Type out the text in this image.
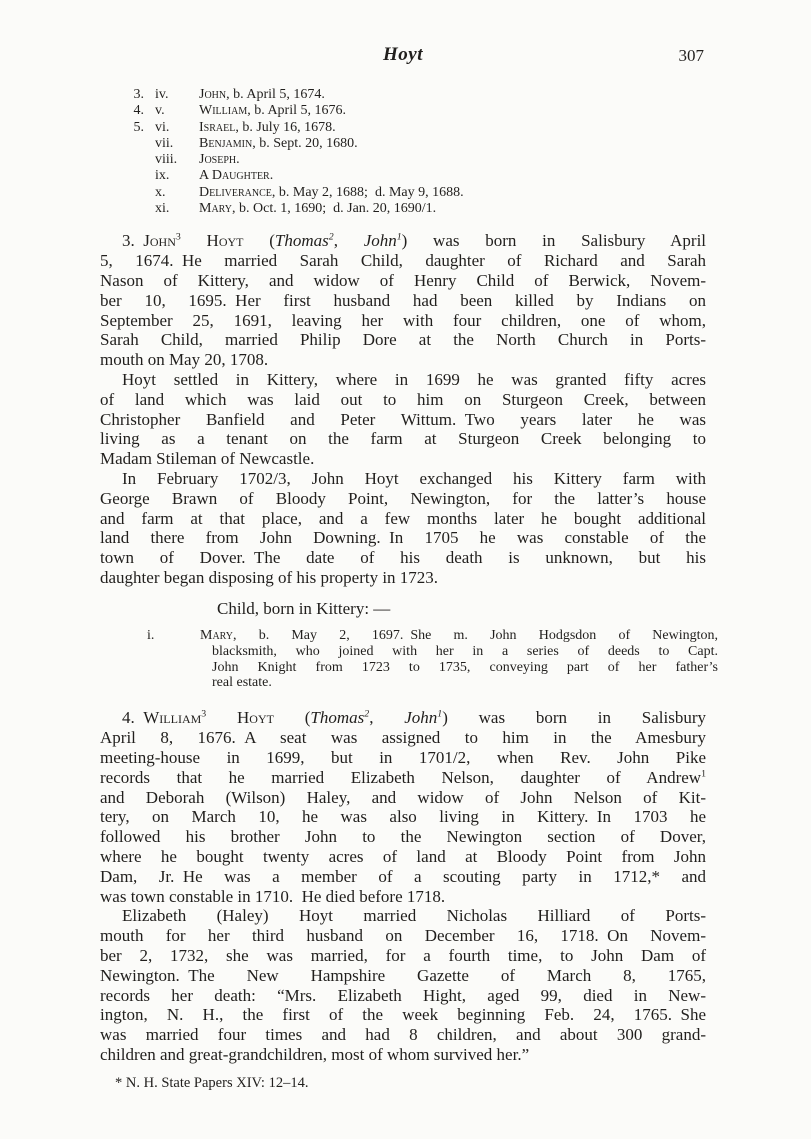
Hoyt	307
3. iv.	John, b. April 5, 1674.
4. v.	William, b. April 5, 1676.
5. vi.	Israel, b. July 16, 1678.
vii.	Benjamin, b. Sept. 20, 1680.
viii.	Joseph.
ix.	A Daughter.
x.	Deliverance, b. May 2, 1688; d. May 9, 1688.
xi.	Mary, b. Oct. 1, 1690; d. Jan. 20, 1690/1.
3. John$^3$ Hoyt (Thomas$^2$, John$^1$) was born in Salisbury April
5, 1674. He married Sarah Child, daughter of Richard and Sarah
Nason of Kittery, and widow of Henry Child of Berwick, Novem-
ber 10, 1695. Her first husband had been killed by Indians on
September 25, 1691, leaving her with four children, one of whom,
Sarah Child, married Philip Dore at the North Church in Ports-
mouth on May 20, 1708.
Hoyt settled in Kittery, where in 1699 he was granted fifty acres
of land which was laid out to him on Sturgeon Creek, between
Christopher Banfield and Peter Wittum. Two years later he was
living as a tenant on the farm at Sturgeon Creek belonging to
Madam Stileman of Newcastle.
In February 1702/3, John Hoyt exchanged his Kittery farm with
George Brawn of Bloody Point, Newington, for the latter’s house
and farm at that place, and a few months later he bought additional
land there from John Downing. In 1705 he was constable of the
town of Dover. The date of his death is unknown, but his
daughter began disposing of his property in 1723.
Child, born in Kittery: —
i.	Mary, b. May 2, 1697. She m. John Hodgsdon of Newington,
blacksmith, who joined with her in a series of deeds to Capt.
John Knight from 1723 to 1735, conveying part of her father’s
real estate.
4. William$^3$ Hoyt (Thomas$^2$, John$^1$) was born in Salisbury
April 8, 1676. A seat was assigned to him in the Amesbury
meeting-house in 1699, but in 1701/2, when Rev. John Pike
records that he married Elizabeth Nelson, daughter of Andrew$^1$
and Deborah (Wilson) Haley, and widow of John Nelson of Kit-
tery, on March 10, he was also living in Kittery. In 1703 he
followed his brother John to the Newington section of Dover,
where he bought twenty acres of land at Bloody Point from John
Dam, Jr. He was a member of a scouting party in 1712,* and
was town constable in 1710. He died before 1718.
Elizabeth (Haley) Hoyt married Nicholas Hilliard of Ports-
mouth for her third husband on December 16, 1718. On Novem-
ber 2, 1732, she was married, for a fourth time, to John Dam of
Newington. The New Hampshire Gazette of March 8, 1765,
records her death: “Mrs. Elizabeth Hight, aged 99, died in New-
ington, N. H., the first of the week beginning Feb. 24, 1765. She
was married four times and had 8 children, and about 300 grand-
children and great-grandchildren, most of whom survived her.”
* N. H. State Papers XIV: 12–14.
